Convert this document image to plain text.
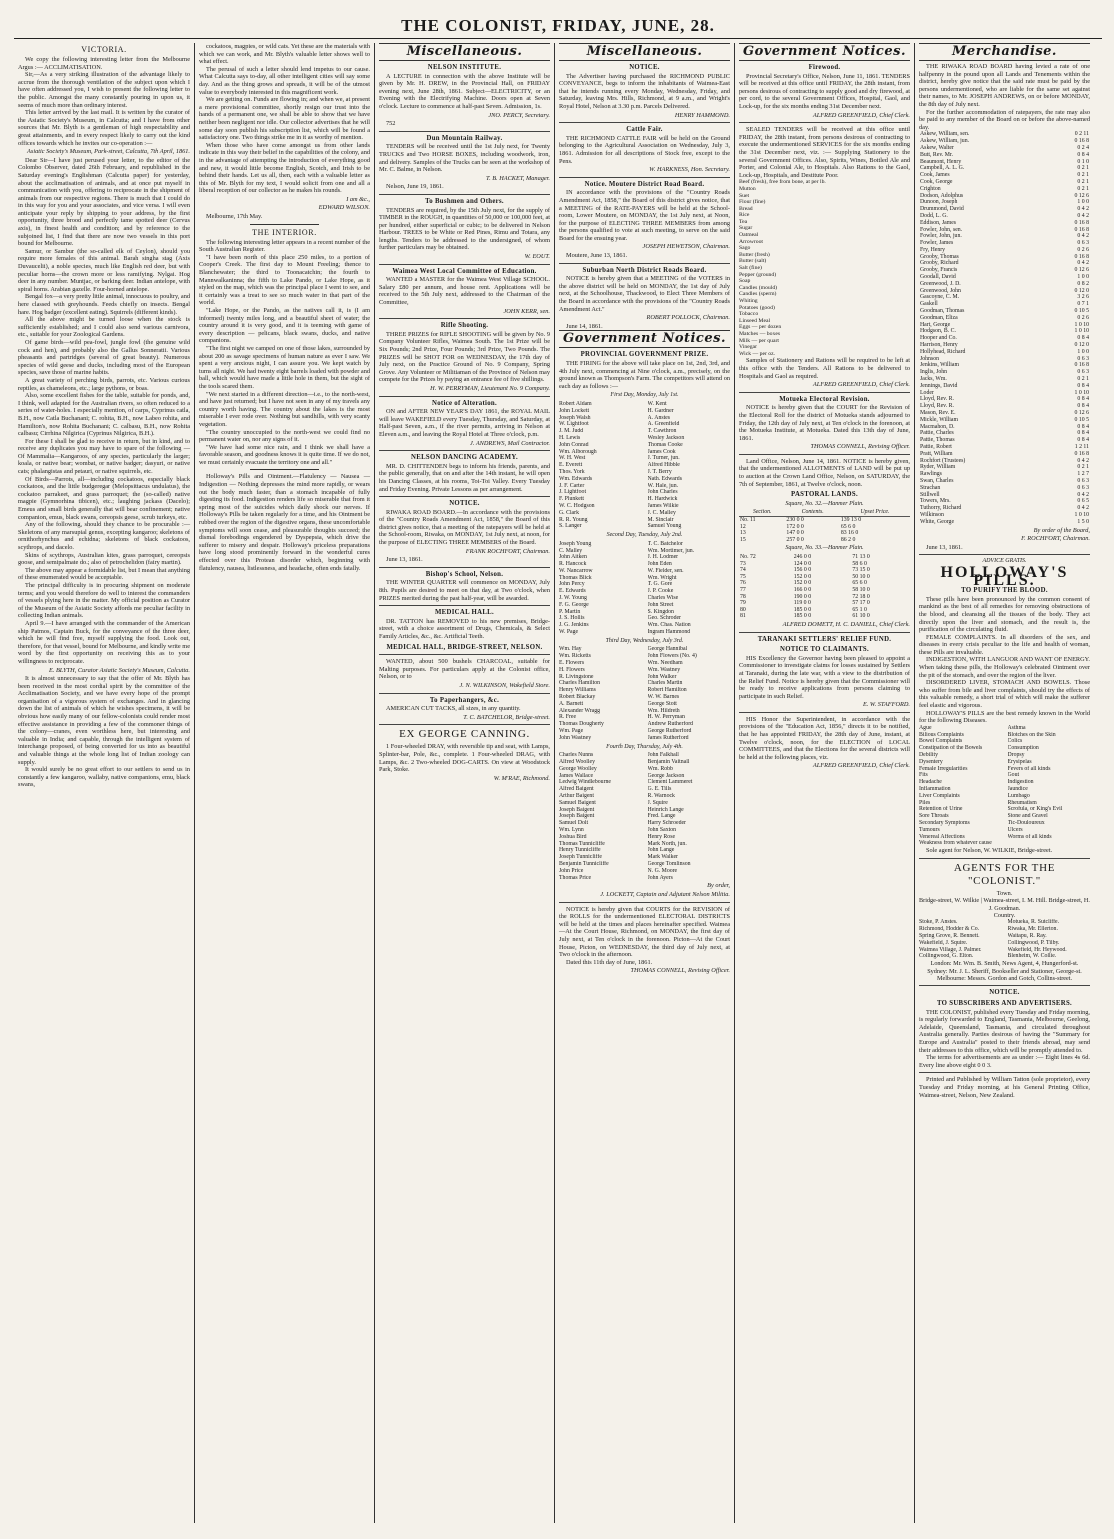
THE COLONIST, FRIDAY, JUNE, 28.
VICTORIA.

We copy the following interesting letter from the Melbourne Argus :— ACCLIMATISATION.

Sir,—As a very striking illustration of the advantage likely to accrue from the thorough ventilation of the subject upon which I have often addressed you, I wish to present the following letter to the public. Amongst the many constantly pouring in upon us, it seems of much more than ordinary interest.

This letter arrived by the last mail. It is written by the curator of the Asiatic Society's Museum, in Calcutta; and I have from other sources that Mr. Blyth is a gentleman of high respectability and great attainments, and in every respect likely to carry out the kind offices towards which he invites our co-operation :—

Asiatic Society's Museum, Park-street, Calcutta, 7th April, 1861.

Dear Sir—I have just perused your letter, to the editor of the Colombo Observer, dated 26th February, and republished in the Saturday evening's Englishman (Calcutta paper) for yesterday, about the acclimatisation of animals, and at once put myself in communication with you, offering to reciprocate in the shipment of animals from our respective regions. There is much that I could do in this way for you and your associates, and vice versa. I will even anticipate your reply by shipping to your address, by the first opportunity, three brood and perfectly tame spotted deer (Cervus axis), in finest health and condition; and by reference to the subjoined list, I find that there are now two vessels in this port bound for Melbourne.

Samur, or Sambur (the so-called elk of Ceylon), should you require more females of this animal. Barah singha stag (Axis Duvaucelii), a noble species, much like English red deer, but with peculiar horns—the crown more or less ramifying. Nylgai. Hog deer in any number. Muntjac, or barking deer. Indian antelope, with spiral horns. Arabian gazelle. Four-horned antelope.

Bengal fox—a very pretty little animal, innocuous to poultry, and here classed with greyhounds. Feeds chiefly on insects. Bengal hare. Hog badger (excellent eating). Squirrels (different kinds).

All the above might be turned loose when the stock is sufficiently established; and I could also send various carnivora, etc., suitable for your Zoological Gardens.

Of game birds—wild pea-fowl, jungle fowl (the genuine wild cock and hen), and probably also the Gallus Sonneratii. Various pheasants and partridges (several of great beauty). Numerous species of wild geese and ducks, including most of the European species, save those of marine habits.

A great variety of perching birds, parrots, etc. Various curious reptiles, as chameleons, etc.; large pythons, or boas.

Also, some excellent fishes for the table, suitable for ponds, and, I think, well adapted for the Australian rivers, so often reduced to a series of water-holes. I especially mention, of carps, Cyprinus catla, B.H., now Catla Buchanani; C. rohita, B.H., now Labeo rohita, and Hamilton's, now Rohita Buchanani; C. calbasu, B.H., now Rohita calbasu; Cirrhina Nilgirica (Cyprinus Nilgirica, B.H.).

For these I shall be glad to receive in return, but in kind, and to receive any duplicates you may have to spare of the following — Of Mammalia—Kangaroos, of any species, particularly the larger; koala, or native bear; wombat, or native badger; dasyuri, or native cats; phalangistas and petauri, or native squirrels, etc.

Of Birds—Parrots, all—including cockatoos, especially black cockatoos, and the little budgeregar (Melopsittacus undulatus), the cockatoo parrakeet, and grass parroquet; the (so-called) native magpie (Gymnorhina tibicen), etc.; laughing jackass (Dacelo); Emeus and small birds generally that will bear confinement; native companion, emus, black swans, cereopsis geese, scrub turkeys, etc.

Any of the following, should they chance to be procurable :— Skeletons of any marsupial genus, excepting kangaroo; skeletons of ornithorhynchus and echidna; skeletons of black cockatoos, scythrops, and dacelo.

Skins of scythrops, Australian kites, grass parroquet, cereopsis goose, and semipalmate do.; also of petrochelidon (fairy martin).

The above may appear a formidable list, but I mean that anything of these enumerated would be acceptable.

The principal difficulty is in procuring shipment on moderate terms; and you would therefore do well to interest the commanders of vessels plying here in the matter. My official position as Curator of the Museum of the Asiatic Society affords me peculiar facility in collecting Indian animals.

April 9.—I have arranged with the commander of the American ship Patmos, Captain Buck, for the conveyance of the three deer, which he will find free, myself supplying the food. Look out, therefore, for that vessel, bound for Melbourne, and kindly write me word by the first opportunity on receiving this as to your willingness to reciprocate.

E. BLYTH, Curator Asiatic Society's Museum, Calcutta.

It is almost unnecessary to say that the offer of Mr. Blyth has been received in the most cordial spirit by the committee of the Acclimatisation Society, and we have every hope of the prompt organisation of a vigorous system of exchanges. And in glancing down the list of animals of which he wishes specimens, it will be obvious how easily many of our fellow-colonists could render most effective assistance in providing a few of the commoner things of the colony—cranes, even worthless here, but interesting and valuable in India; and capable, through the intelligent system of interchange proposed, of being converted for us into as beautiful and valuable things at the whole long list of Indian zoology can supply.

It would surely be no great effort to our settlers to send us in constantly a few kangaroo, wallaby, native companions, emu, black swans,

cockatoos, magpies, or wild cats. Yet these are the materials with which we can work, and Mr. Blyth's valuable letter shows well to what effect.

The perusal of such a letter should lend impetus to our cause. What Calcutta says to-day, all other intelligent cities will say some day. And as the thing grows and spreads, it will be of the utmost value to everybody interested in this magnificent work.

We are getting on. Funds are flowing in; and when we, at present a mere provisional committee, shortly resign our trust into the hands of a permanent one, we shall be able to show that we have neither been negligent nor idle. Our collector advertises that he will some day soon publish his subscription list, which will be found a satisfactory one. Two things strike me in it as worthy of mention.

When those who have come amongst us from other lands indicate in this way their belief in the capabilities of the colony, and in the advantage of attempting the introduction of everything good and new, it would little become English, Scotch, and Irish to be behind their hands. Let us all, then, each with a valuable letter as this of Mr. Blyth for my text, I would solicit from one and all a liberal reception of our collector as he makes his rounds.

I am &c.,

EDWARD WILSON.

Melbourne, 17th May.

THE INTERIOR.

The following interesting letter appears in a recent number of the South Australian Register.

"I have been north of this place 250 miles, to a portion of Cooper's Creek. The first day to Mount Freeling; thence to Blanchewater; the third to Toonacatchin; the fourth to Mannwalkaninna; the fifth to Lake Pando, or Lake Hope, as it styled on the map, which was the principal place I went to see, and it certainly was a treat to see so much water in that part of the world.

"Lake Hope, or the Pando, as the natives call it, is (I am informed) twenty miles long, and a beautiful sheet of water; the country around it is very good, and it is teeming with game of every description — pelicans, black swans, ducks, and native companions.

"The first night we camped on one of those lakes, surrounded by about 200 as savage specimens of human nature as ever I saw. We spent a very anxious night, I can assure you. We kept watch by turns all night. We had twenty eight barrels loaded with powder and ball, which would have made a little hole in them, but the sight of the tools scared them.

"We next started in a different direction—i.e., to the north-west, and have just returned; but I have not seen in any of my travels any country worth having. The country about the lakes is the most miserable I ever rode over. Nothing but sandhills, with very scanty vegetation.

"The country unoccupied to the north-west we could find no permanent water on, nor any signs of it.

"We have had some nice rain, and I think we shall have a favorable season, and goodness knows it is quite time. If we do not, we must certainly evacuate the territory one and all."

Holloway's Pills and Ointment.—Flatulency — Nausea — Indigestion — Nothing depresses the mind more rapidly, or wears out the body much faster, than a stomach incapable of fully digesting its food. Indigestion renders life so miserable that from it spring most of the suicides which daily shock our nerves. If Holloway's Pills be taken regularly for a time, and his Ointment be rubbed over the region of the digestive organs, these uncomfortable symptoms will soon cease, and pleasurable thoughts succeed; the dismal forebodings engendered by Dyspepsia, which drive the sufferer to misery and despair. Holloway's priceless preparations have long stood prominently forward in the wonderful cures effected over this Protean disorder which, beginning with flatulency, nausea, listlessness, and headache, often ends fatally.

Miscellaneous.
NELSON INSTITUTE.

A LECTURE in connection with the above Institute will be given by Mr. H. DREW, in the Provincial Hall, on FRIDAY evening next, June 28th, 1861. Subject—ELECTRICITY, or an Evening with the Electrifying Machine. Doors open at Seven o'clock. Lecture to commence at half-past Seven. Admission, 1s.

JNO. PERCY, Secretary.

752

Dun Mountain Railway.

TENDERS will be received until the 1st July next, for Twenty TRUCKS and Two HORSE BOXES, including woodwork, iron, and delivery. Samples of the Trucks can be seen at the workshop of Mr. C. Balme, in Nelson.

T. B. HACKET, Manager.

Nelson, June 19, 1861.

To Bushmen and Others.

TENDERS are required, by the 15th July next, for the supply of TIMBER in the ROUGH, in quantities of 50,000 or 100,000 feet, at per hundred, either superficial or cubic; to be delivered in Nelson Harbour. TREES to be White or Red Pines, Rimu and Totara, any lengths. Tenders to be addressed to the undersigned, of whom further particulars may be obtained.

W. EOUT.

Waimea West Local Committee of Education.

WANTED a MASTER for the Waimea West Village SCHOOL. Salary £80 per annum, and house rent. Applications will be received to the 5th July next, addressed to the Chairman of the Committee,

JOHN KERR, sen.

Rifle Shooting.

THREE PRIZES for RIFLE SHOOTING will be given by No. 9 Company Volunteer Rifles, Waimea South. The 1st Prize will be Six Pounds; 2nd Prize, Four Pounds; 3rd Prize, Two Pounds. The PRIZES will be SHOT FOR on WEDNESDAY, the 17th day of July next, on the Practice Ground of No. 9 Company, Spring Grove. Any Volunteer or Militiaman of the Province of Nelson may compete for the Prizes by paying an entrance fee of five shillings.

H. W. PERRYMAN, Lieutenant No. 9 Company.

Notice of Alteration.

ON and AFTER NEW YEAR'S DAY 1861, the ROYAL MAIL will leave WAKEFIELD every Tuesday, Thursday, and Saturday, at Half-past Seven, a.m., if the river permits, arriving in Nelson at Eleven a.m., and leaving the Royal Hotel at Three o'clock, p.m.

J. ANDREWS, Mail Contractor.

NELSON DANCING ACADEMY.

MR. D. CHITTENDEN begs to inform his friends, parents, and the public generally, that on and after the 14th instant, he will open his Dancing Classes, at his rooms, Toi-Toi Valley. Every Tuesday and Friday Evening. Private Lessons as per arrangement.

NOTICE.

RIWAKA ROAD BOARD.—In accordance with the provisions of the "Country Roads Amendment Act, 1858," the Board of this district gives notice, that a meeting of the ratepayers will be held at the School-room, Riwaka, on MONDAY, 1st July next, at noon, for the purpose of ELECTING THREE MEMBERS of the Board.

FRANK ROCHFORT, Chairman.

June 13, 1861.

Bishop's School, Nelson.

THE WINTER QUARTER will commence on MONDAY, July 8th. Pupils are desired to meet on that day, at Two o'clock, when PRIZES merited during the past half-year, will be awarded.

MEDICAL HALL.

DR. TATTON has REMOVED to his new premises, Bridge-street, with a choice assortment of Drugs, Chemicals, & Select Family Articles, &c., &c. Artificial Teeth.

MEDICAL HALL, BRIDGE-STREET, NELSON.

WANTED, about 500 bushels CHARCOAL, suitable for Malting purposes. For particulars apply at the Colonist office, Nelson, or to

J. N. WILKINSON, Wakefield Store.

To Paperhangers, &c.

AMERICAN CUT TACKS, all sizes, in any quantity.

T. C. BATCHELOR, Bridge-street.

EX GEORGE CANNING.

1 Four-wheeled DRAY, with reversible tip and seat, with Lamps, Splinter-bar, Pole, &c., complete. 1 Four-wheeled DRAG, with Lamps, &c. 2 Two-wheeled DOG-CARTS. On view at Woodstock Park, Stoke.

W. M'RAE, Richmond.

Miscellaneous.
NOTICE.

The Advertiser having purchased the RICHMOND PUBLIC CONVEYANCE, begs to inform the inhabitants of Waimea-East that he intends running every Monday, Wednesday, Friday, and Saturday, leaving Mrs. Hills, Richmond, at 9 a.m., and Wright's Royal Hotel, Nelson at 3.30 p.m. Parcels Delivered.

HENRY HAMMOND.

Cattle Fair.

THE RICHMOND CATTLE FAIR will be held on the Ground belonging to the Agricultural Association on Wednesday, July 3, 1861. Admission for all descriptions of Stock free, except to the Pens.

W. HARKNESS, Hon. Secretary.

Notice. Moutere District Road Board.

IN accordance with the provisions of the "Country Roads Amendment Act, 1858," the Board of this district gives notice, that a MEETING of the RATE-PAYERS will be held at the School-room, Lower Moutere, on MONDAY, the 1st July next, at Noon, for the purpose of ELECTING THREE MEMBERS from among the persons qualified to vote at such meeting, to serve on the said Board for the ensuing year.

JOSEPH HEWETSON, Chairman.

Moutere, June 13, 1861.

Suburban North District Roads Board.

NOTICE is hereby given that a MEETING of the VOTERS in the above district will be held on MONDAY, the 1st day of July next, at the Schoolhouse, Thackwood, to Elect Three Members of the Board in accordance with the provisions of the "Country Roads Amendment Act."

ROBERT POLLOCK, Chairman.

June 14, 1861.

Government Notices.
PROVINCIAL GOVERNMENT PRIZE.

THE FIRING for the above will take place on 1st, 2nd, 3rd, and 4th July next, commencing at Nine o'clock, a.m., precisely, on the ground known as Thompson's Farm. The competitors will attend on each day as follows :—

First Day, Monday, July 1st.
Robert Aldam	W. Kent
John Lockett	H. Gardner
Joseph Walsh	A. Anstes
W. Lightfoot	A. Greenfield
J. M. Judd	T. Cawthron
H. Lewis	Wesley Jackson
John Conrad	Thomas Cooke
Wm. Alborough	James Cook
W. H. West	J. Turner, jun.
E. Everett	Alfred Hibble
Thos. York	J. T. Berry
Wm. Edwards	Nath. Edwards
J. F. Carter	W. Hale, jun.
J. Lightfoot	John Charles
F. Plunkett	H. Hardwick
W. C. Hodgson	James Wilkie
G. Clark	J. C. Malley
R. R. Young	M. Sinclair
S. Langer	Samuel Young
Second Day, Tuesday, July 2nd.
Joseph Young	T. C. Batchelor
C. Malley	Wm. Mortimer, jun.
John Aitken	J. H. Lodmer
R. Hancock	John Eden
W. Nancarrow	W. Fielder, sen.
Thomas Blick	Wm. Wright
John Percy	T. G. Gore
E. Edwards	J. P. Cooke
J. W. Young	Charles Wise
F. G. George	John Street
P. Martin	S. Kingdon
J. S. Hollis	Geo. Schroder
J. G. Jenkins	Wm. Chas. Nation
W. Page	Ingram Hammond
Third Day, Wednesday, July 3rd.
Wm. Hay	George Hannibal
Wm. Ricketts	John Flowers (No. 4)
E. Flowers	Wm. Needham
H. Flowers	Wm. Wastney
R. Livingstone	John Walker
Charles Hamilton	Charles Martin
Henry Williams	Robert Hamilton
Robert Blackay	W. W. Barnes
A. Barnett	George Stott
Alexander Wragg	Wm. Hildreth
R. Free	H. W. Perryman
Thomas Dougherty	Andrew Rutherford
Wm. Page	George Rutherford
John Wastney	James Rutherford
Fourth Day, Thursday, July 4th.
Charles Nunns	John Falkhall
Alfred Woolley	Benjamin Vaitnall
George Woolley	Wm. Robb
James Wallace	George Jackson
Ledwig Windlebourne	Clement Lammeret
Alfred Baigent	G. E. Tills
Arthur Baigent	R. Warnock
Samuel Baigent	J. Squire
Joseph Baigent	Heinrich Lange
Joseph Baigent	Fred. Lange
Samuel Dolt	Harry Schroeder
Wm. Lynn	John Saxton
Joshua Bird	Henry Rose
Thomas Tunnicliffe	Mark North, jun.
Henry Tunnicliffe	John Lange
Joseph Tunnicliffe	Mark Walker
Benjamin Tunnicliffe	George Tomlinson
John Price	N. G. Moore
Thomas Price	John Ayers

By order,

J. LOCKETT, Captain and Adjutant Nelson Militia.

NOTICE is hereby given that COURTS for the REVISION of the ROLLS for the undermentioned ELECTORAL DISTRICTS will be held at the times and places hereinafter specified. Waimea—At the Court House, Richmond, on MONDAY, the first day of July next, at Ten o'clock in the forenoon. Picton—At the Court House, Picton, on WEDNESDAY, the third day of July next, at Two o'clock in the afternoon.

Dated this 11th day of June, 1861.

THOMAS CONNELL, Revising Officer.

Government Notices.
Firewood.

Provincial Secretary's Office, Nelson, June 11, 1861. TENDERS will be received at this office until FRIDAY, the 28th instant, from persons desirous of contracting to supply good and dry firewood, at per cord, to the several Government Offices, Hospital, Gaol, and Lock-up, for the six months ending 31st December next.

ALFRED GREENFIELD, Chief Clerk.

SEALED TENDERS will be received at this office until FRIDAY, the 28th instant, from persons desirous of contracting to execute the undermentioned SERVICES for the six months ending the 31st December next, viz. :— Supplying Stationery to the several Government Offices. Also, Spirits, Wines, Bottled Ale and Porter, and Colonial Ale, to Hospitals. Also Rations to the Gaol, Lock-up, Hospitals, and Destitute Poor.

Beef (fresh), free from bone, at per lb.
Mutton
Suet
Flour (fine)
Bread
Rice
Tea
Sugar
Oatmeal
Arrowroot
Sago
Butter (fresh)
Butter (salt)
Salt (fine)
Pepper (ground)
Soap
Candles (mould)
Candles (sperm)
Whiting
Potatoes (good)
Tobacco
Linseed Meal
Eggs — per dozen
Matches — boxes
Milk — per quart
Vinegar
Wick — per oz.

Samples of Stationery and Rations will be required to be left at this office with the Tenders. All Rations to be delivered to Hospitals and Gaol as required.

ALFRED GREENFIELD, Chief Clerk.

Motueka Electoral Revision.

NOTICE is hereby given that the COURT for the Revision of the Electoral Roll for the district of Motueka stands adjourned to Friday, the 12th day of July next, at Ten o'clock in the forenoon, at the Motueka Institute, at Motueka. Dated this 13th day of June, 1861.

THOMAS CONNELL, Revising Officer.

Land Office, Nelson, June 14, 1861. NOTICE is hereby given, that the undermentioned ALLOTMENTS of LAND will be put up to auction at the Crown Land Office, Nelson, on SATURDAY, the 7th of September, 1861, at Twelve o'clock, noon.

PASTORAL LANDS.
Square, No. 32.—Hanmer Plain.
Section.	Contents.	Upset Price.
No. 11	230 0 0	139 13 0
12	172 0 0	65 6 0
13	147 0 0	83 16 0
15	257 0 0	86 2 0
Square, No. 33.—Hanmer Plain.
No. 72	246 0 0	71 13 0
73	124 0 0	58 6 0
74	156 0 0	73 15 0
75	152 0 0	50 10 0
76	152 0 0	65 6 0
77	166 0 0	58 10 0
78	190 0 0	72 18 0
79	119 0 0	57 17 0
80	185 0 0	65 1 0
81	185 0 0	61 10 0

ALFRED DOMETT, H. C. DANIELL, Chief Clerk.

TARANAKI SETTLERS' RELIEF FUND.
NOTICE TO CLAIMANTS.

HIS Excellency the Governor having been pleased to appoint a Commissioner to investigate claims for losses sustained by Settlers at Taranaki, during the late war, with a view to the distribution of the Relief Fund. Notice is hereby given that the Commissioner will be ready to receive applications from persons claiming to participate in such Relief.

E. W. STAFFORD.

HIS Honor the Superintendent, in accordance with the provisions of the "Education Act, 1856," directs it to be notified, that he has appointed FRIDAY, the 28th day of June, instant, at Twelve o'clock, noon, for the ELECTION of LOCAL COMMITTEES, and that the Elections for the several districts will be held at the following places, viz.

ALFRED GREENFIELD, Chief Clerk.

Merchandise.

THE RIWAKA ROAD BOARD having levied a rate of one halfpenny in the pound upon all Lands and Tenements within the district, hereby give notice that the said rate must be paid by the persons undermentioned, who are liable for the same set against their names, to Mr. JOSEPH ANDREWS, on or before MONDAY, the 8th day of July next.

For the further accommodation of ratepayers, the rate may also be paid to any member of the Board on or before the above-named day.

Askew, William, sen.	0 2 11
Askew, William, jun.	0 16 8
Askew, Walter	0 2 4
Butt, Rev. Mr.	0 8 4
Beaumont, Henry	0 1 0
Campbell, A. L. G.	0 2 1
Cook, James	0 2 1
Cook, George	0 2 1
Crighton	0 2 1
Dodson, Adolphus	0 12 6
Dunoon, Joseph	1 0 0
Drummond, David	0 4 2
Dodd, L. G.	0 4 2
Eddison, James	0 16 8
Fowler, John, sen.	0 16 8
Fowler, John, jun.	0 4 2
Fowler, James	0 6 3
Fry, Henry	0 2 6
Grooby, Thomas	0 16 8
Grooby, Richard	0 4 2
Grooby, Francis	0 12 6
Goodall, David	1 0 0
Greenwood, J. D.	0 8 2
Greenwood, John	0 12 0
Gascoyne, C. M.	3 2 6
Gaskell	0 7 1
Goodman, Thomas	0 10 5
Goodman, Eliza	0 2 6
Hart, George	1 0 10
Hodgson, B. C.	1 0 10
Hooper and Co.	0 8 4
Harrison, Henry	0 12 0
Hollyhead, Richard	1 0 0
Johnson	0 6 3
Jenkins, William	0 16 8
Inglis, John	0 6 3
Jacks, Wm.	0 2 1
Jennings, David	0 8 4
Loder	1 0 10
Lloyd, Rev. R.	0 8 4
Lloyd, Rev. R.	0 8 4
Mason, Rev. E.	0 12 6
Mickle, William	0 10 5
Macmahon, D.	0 8 4
Pattie, Charles	0 8 4
Pattie, Thomas	0 8 4
Pattie, Robert	1 2 11
Pratt, William	0 16 8
Rochfort (Trustees)	0 4 2
Ryder, William	0 2 1
Rawlings	1 2 7
Swan, Charles	0 6 3
Strachan	0 6 3
Stillwell	0 4 2
Towers, Mrs.	0 6 5
Tuthorry, Richard	0 4 2
Wilkinson	1 0 10
White, George	1 5 0

By order of the Board,

F. ROCHFORT, Chairman.

June 13, 1861.

ADVICE GRATIS.
HOLLOWAY'S PILLS.
TO PURIFY THE BLOOD.

These pills have been pronounced by the common consent of mankind as the best of all remedies for removing obstructions of the blood, and cleansing all the tissues of the body. They act directly upon the liver and stomach, and the result is, the purification of the circulating fluid.

FEMALE COMPLAINTS. In all disorders of the sex, and diseases in every crisis peculiar to the life and health of woman, these Pills are invaluable.

INDIGESTION, WITH LANGUOR AND WANT OF ENERGY. When taking these pills, the Holloway's celebrated Ointment over the pit of the stomach, and over the region of the liver.

DISORDERED LIVER, STOMACH AND BOWELS. Those who suffer from bile and liver complaints, should try the effects of this valuable remedy, a short trial of which will make the sufferer feel elastic and vigorous.

HOLLOWAY'S PILLS are the best remedy known in the World for the following Diseases.

Ague	Asthma
Bilious Complaints	Blotches on the Skin
Bowel Complaints	Colics
Constipation of the Bowels	Consumption
Debility	Dropsy
Dysentery	Erysipelas
Female Irregularities	Fevers of all kinds
Fits	Gout
Headache	Indigestion
Inflammation	Jaundice
Liver Complaints	Lumbago
Piles	Rheumatism
Retention of Urine	Scrofula, or King's Evil
Sore Throats	Stone and Gravel
Secondary Symptoms	Tic-Douloureux
Tumours	Ulcers
Venereal Affections	Worms of all kinds
Weakness from whatever cause

Sole agent for Nelson, W. WILKIE, Bridge-street.

AGENTS FOR THE "COLONIST."
Town.
Bridge-street, W. Wilkie | Waimea-street, I. M. Hill. Bridge-street, H. J. Goodman.
Country.
Stoke, P. Anstes.	Motueka, R. Sutcliffe.
Richmond, Hodder & Co.	Riwaka, Mr. Ellerton.
Spring Grove, R. Bennett.	Waitapu, R. Ray.
Wakefield, J. Squire.	Collingwood, P. Tilby.
Waimea Village, J. Palmer.	Wakefield, Hr. Heywood.
Collingwood, G. Elton.	Blenheim, W. Collie.
London: Mr. Wm. B. Smith, News Agent, 4, Hungerford-st.
Sydney: Mr. J. L. Sheriff, Bookseller and Stationer, George-st.
Melbourne: Messrs. Gordon and Gotch, Collins-street.
NOTICE.
TO SUBSCRIBERS AND ADVERTISERS.

THE COLONIST, published every Tuesday and Friday morning, is regularly forwarded to England, Tasmania, Melbourne, Geelong, Adelaide, Queensland, Tasmania, and circulated throughout Australia generally. Parties desirous of having the "Summary for Europe and Australia" posted to their friends abroad, may send their addresses to this office, which will be promptly attended to.

The terms for advertisements are as under :— Eight lines 4s 6d. Every line above eight 0 0 3.

Printed and Published by William Tatton (sole proprietor), every Tuesday and Friday morning, at his General Printing Office, Waimea-street, Nelson, New Zealand.
